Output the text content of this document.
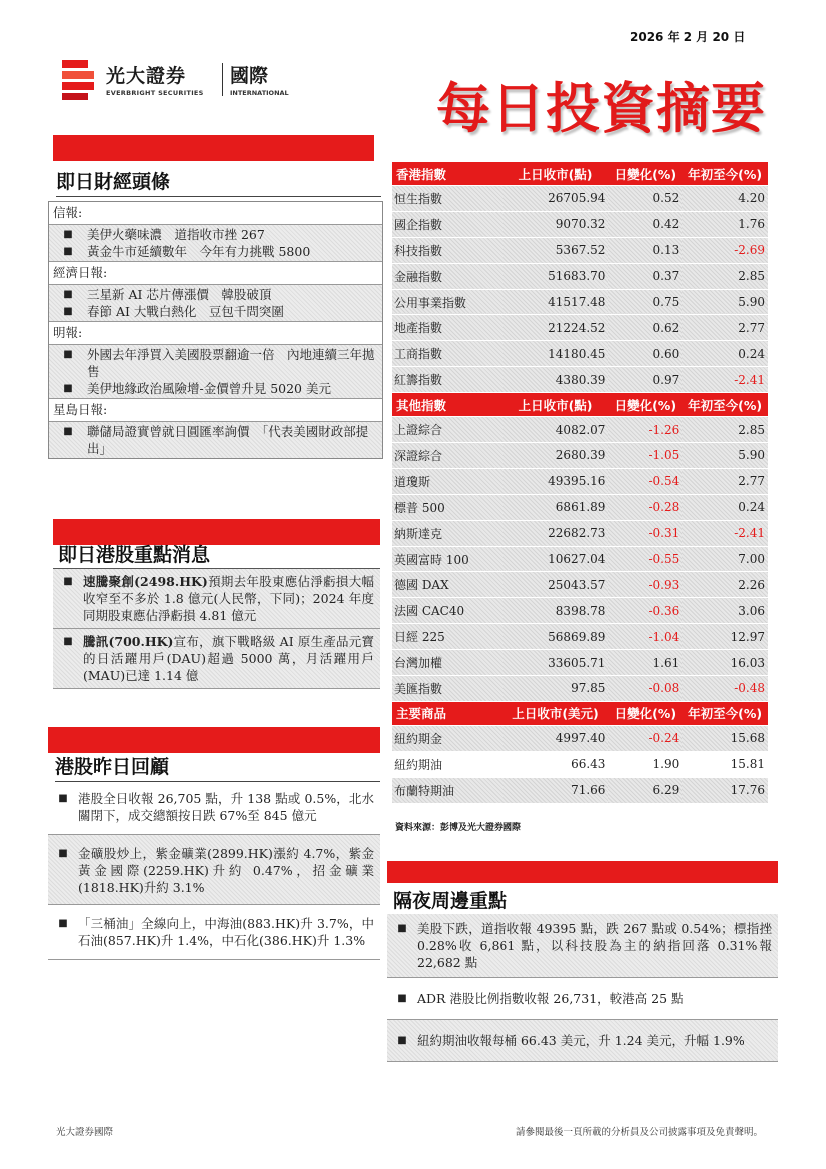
2026 年 2 月 20 日
光大證券
EVERBRIGHT SECURITIES
國際
INTERNATIONAL	每日投資摘要
即日財經頭條
信報:
■	美伊火藥味濃　道指收市挫 267
■	黃金牛市延續數年　今年有力挑戰 5800
經濟日報:
■	三星新 AI 芯片傳漲價　韓股破頂
■	春節 AI 大戰白熱化　豆包千問突圍
明報:
■	外國去年淨買入美國股票翻逾一倍　內地連續三年拋售
■	美伊地緣政治風險增-金價曾升見 5020 美元
星島日報:
■	聯儲局證實曾就日圓匯率詢價　「代表美國財政部提出」
即日港股重點消息
■ 速騰聚創(2498.HK)預期去年股東應佔淨虧損大幅收窄至不多於 1.8 億元(人民幣，下同)；2024 年度同期股東應佔淨虧損 4.81 億元
■ 騰訊(700.HK)宣布，旗下戰略級 AI 原生產品元寶的日活躍用戶(DAU)超過 5000 萬，月活躍用戶(MAU)已達 1.14 億
港股昨日回顧
■ 港股全日收報 26,705 點，升 138 點或 0.5%，北水關閉下，成交總額按日跌 67%至 845 億元
■ 金礦股炒上，紫金礦業(2899.HK)漲約 4.7%，紫金黃金國際(2259.HK)升約 0.47%，招金礦業(1818.HK)升約 3.1%
■ 「三桶油」全線向上，中海油(883.HK)升 3.7%，中石油(857.HK)升 1.4%，中石化(386.HK)升 1.3%
香港指數	上日收市(點)	日變化(%)	年初至今(%)
恒生指數	26705.94	0.52	4.20
國企指數	9070.32	0.42	1.76
科技指數	5367.52	0.13	-2.69
金融指數	51683.70	0.37	2.85
公用事業指數	41517.48	0.75	5.90
地產指數	21224.52	0.62	2.77
工商指數	14180.45	0.60	0.24
紅籌指數	4380.39	0.97	-2.41
其他指數	上日收市(點)	日變化(%)	年初至今(%)
上證綜合	4082.07	-1.26	2.85
深證綜合	2680.39	-1.05	5.90
道瓊斯	49395.16	-0.54	2.77
標普 500	6861.89	-0.28	0.24
納斯達克	22682.73	-0.31	-2.41
英國富時 100	10627.04	-0.55	7.00
德國 DAX	25043.57	-0.93	2.26
法國 CAC40	8398.78	-0.36	3.06
日經 225	56869.89	-1.04	12.97
台灣加權	33605.71	1.61	16.03
美匯指數	97.85	-0.08	-0.48
主要商品	上日收市(美元)	日變化(%)	年初至今(%)
紐約期金	4997.40	-0.24	15.68
紐約期油	66.43	1.90	15.81
布蘭特期油	71.66	6.29	17.76
資料來源：彭博及光大證券國際
隔夜周邊重點
■ 美股下跌，道指收報 49395 點，跌 267 點或 0.54%；標指挫 0.28%收 6,861 點，以科技股為主的納指回落 0.31%報 22,682 點
■ ADR 港股比例指數收報 26,731，較港高 25 點
■ 紐約期油收報每桶 66.43 美元，升 1.24 美元，升幅 1.9%
光大證券國際	請參閱最後一頁所載的分析員及公司披露事項及免責聲明。
